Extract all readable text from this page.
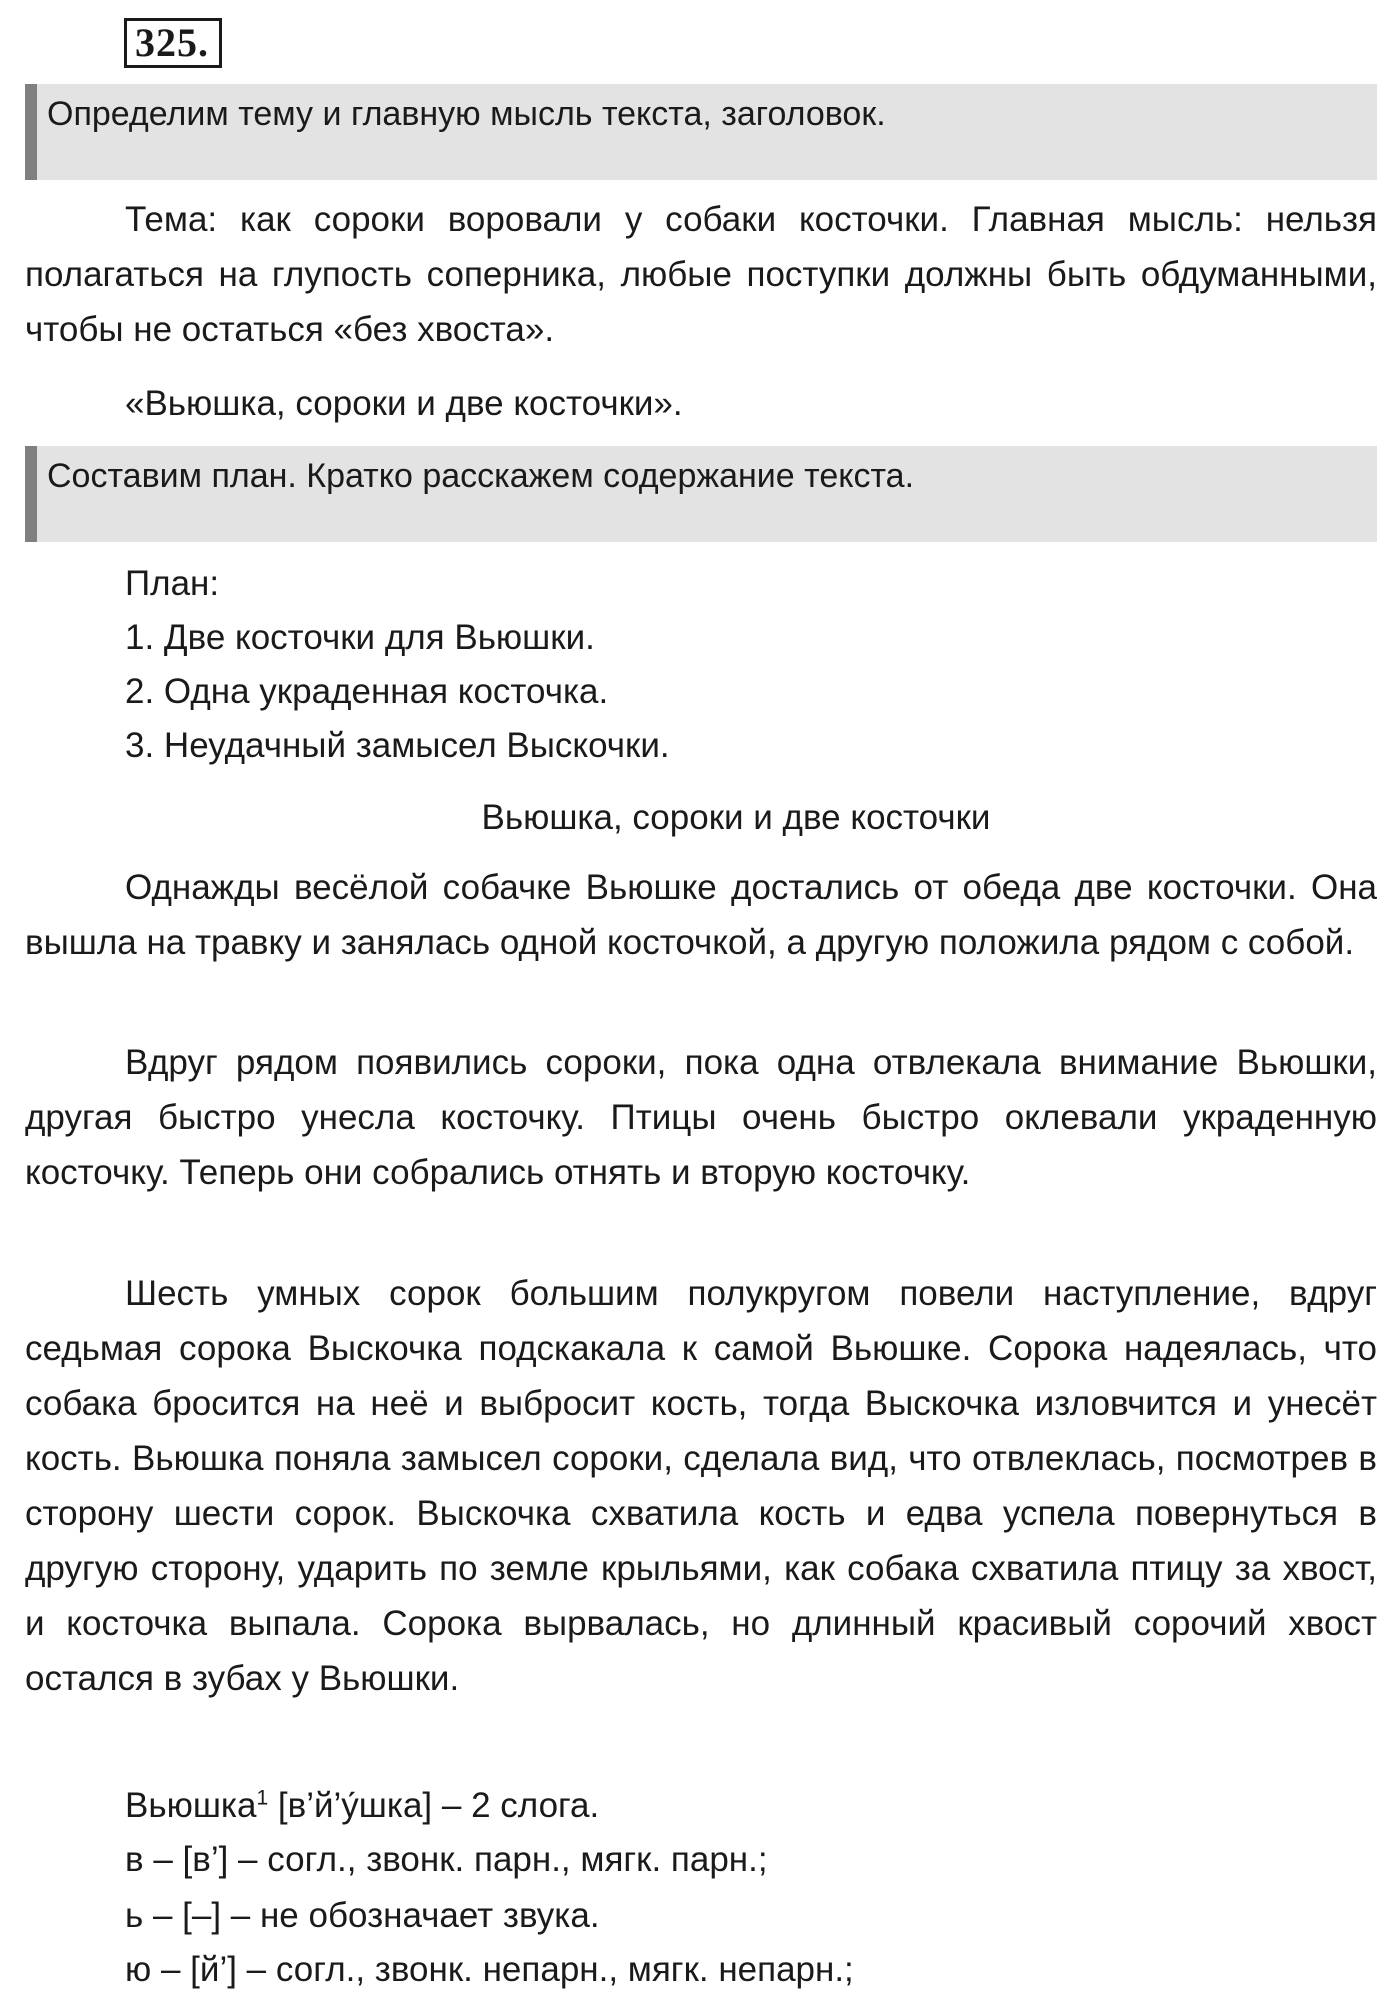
325.
Определим тему и главную мысль текста, заголовок.

Тема: как сороки воровали у собаки косточки. Главная мысль: нельзя полагаться на глупость соперника, любые поступки должны быть обдуманными, чтобы не остаться «без хвоста».

«Вьюшка, сороки и две косточки».
Составим план. Кратко расскажем содержание текста.
План:
1. Две косточки для Вьюшки.
2. Одна украденная косточка.
3. Неудачный замысел Выскочки.
Вьюшка, сороки и две косточки

Однажды весёлой собачке Вьюшке достались от обеда две косточки. Она вышла на травку и занялась одной косточкой, а другую положила рядом с собой.

Вдруг рядом появились сороки, пока одна отвлекала внимание Вьюшки, другая быстро унесла косточку. Птицы очень быстро оклевали украденную косточку. Теперь они собрались отнять и вторую косточку.

Шесть умных сорок большим полукругом повели наступление, вдруг седьмая сорока Выскочка подскакала к самой Вьюшке. Сорока надеялась, что собака бросится на неё и выбросит кость, тогда Выскочка изловчится и унесёт кость. Вьюшка поняла замысел сороки, сделала вид, что отвлеклась, посмотрев в сторону шести сорок. Выскочка схватила кость и едва успела повернуться в другую сторону, ударить по земле крыльями, как собака схватила птицу за хвост, и косточка выпала. Сорока вырвалась, но длинный красивый сорочий хвост остался в зубах у Вьюшки.

Вьюшка$^1$ [в’й’у́шка] – 2 слога.
в – [в’] – согл., звонк. парн., мягк. парн.;
ь – [–] – не обозначает звука.
ю – [й’] – согл., звонк. непарн., мягк. непарн.;
